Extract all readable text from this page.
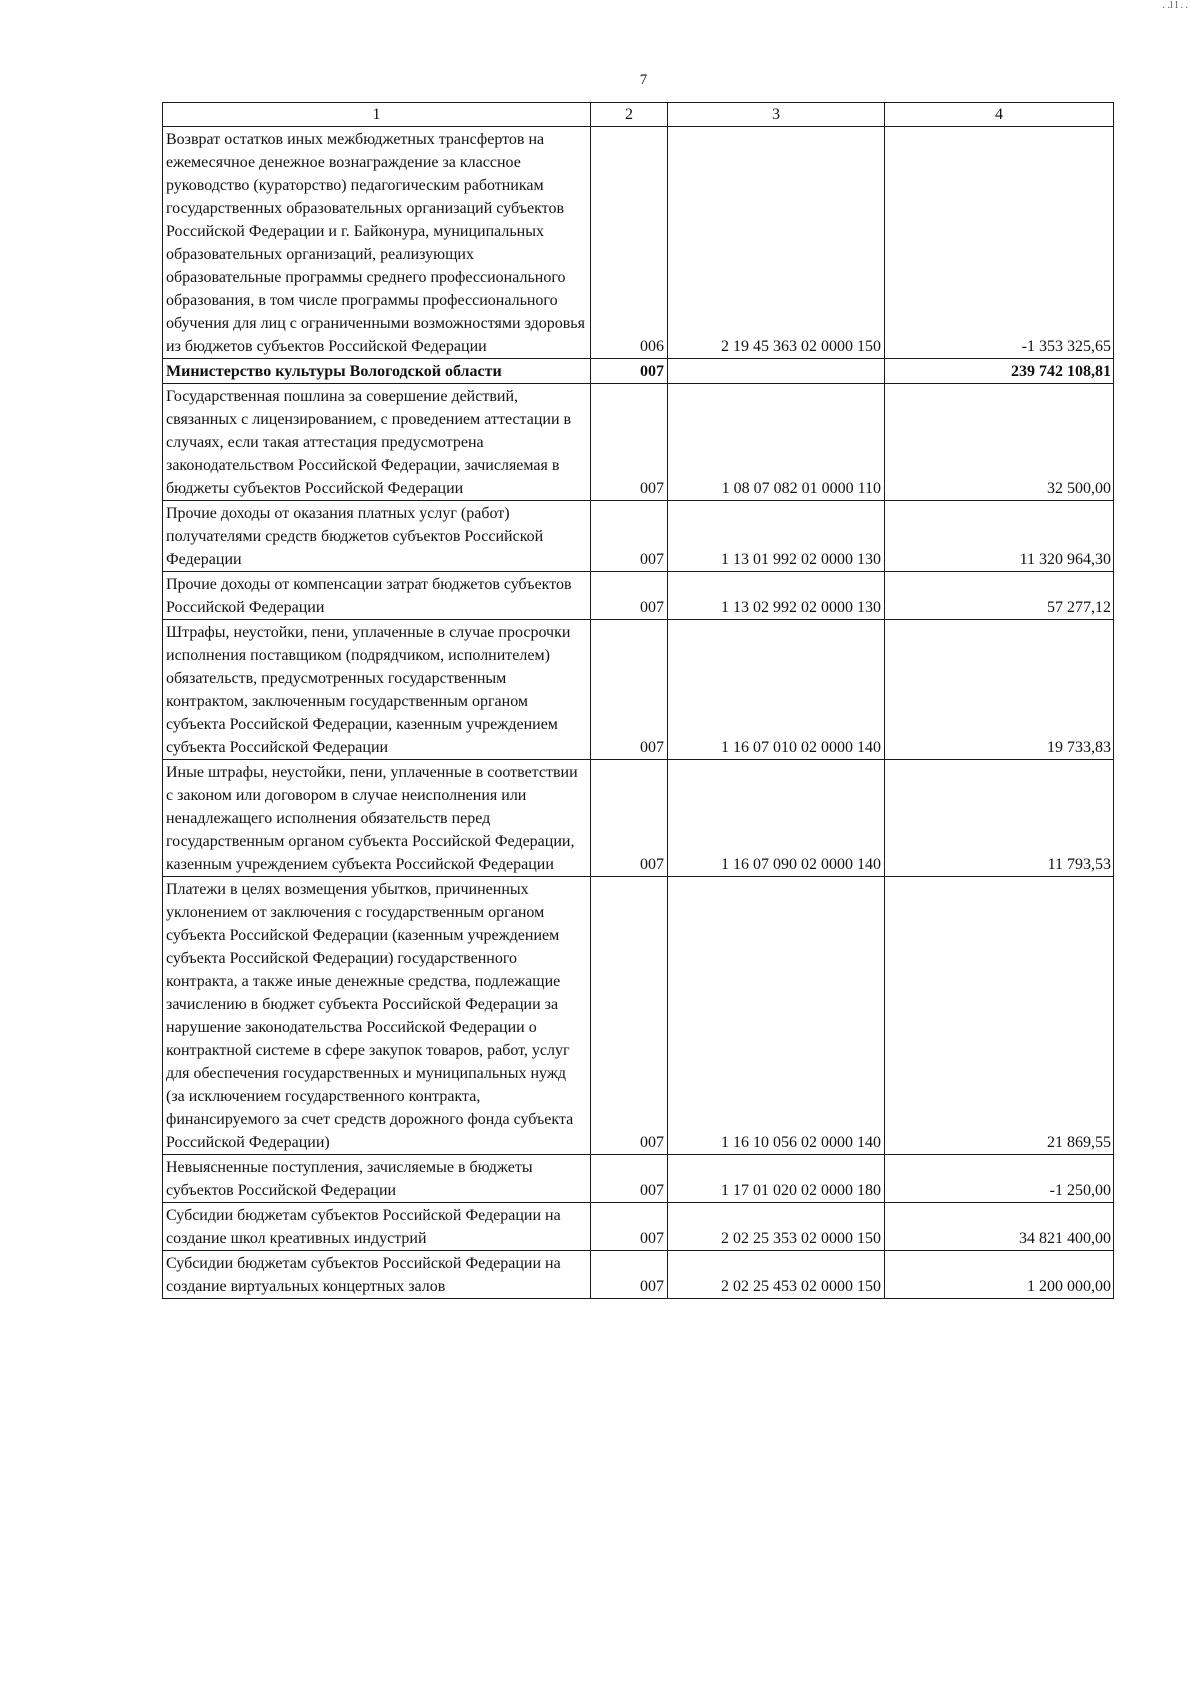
. .l l . .
7
1	2	3	4
Возврат остатков иных межбюджетных трансфертов на ежемесячное денежное вознаграждение за классное руководство (кураторство) педагогическим работникам государственных образовательных организаций субъектов Российской Федерации и г. Байконура, муниципальных образовательных организаций, реализующих образовательные программы среднего профессионального образования, в том числе программы профессионального обучения для лиц с ограниченными возможностями здоровья из бюджетов субъектов Российской Федерации	006	2 19 45 363 02 0000 150	-1 353 325,65
Министерство культуры Вологодской области	007		239 742 108,81
Государственная пошлина за совершение действий, связанных с лицензированием, с проведением аттестации в случаях, если такая аттестация предусмотрена законодательством Российской Федерации, зачисляемая в бюджеты субъектов Российской Федерации	007	1 08 07 082 01 0000 110	32 500,00
Прочие доходы от оказания платных услуг (работ) получателями средств бюджетов субъектов Российской Федерации	007	1 13 01 992 02 0000 130	11 320 964,30
Прочие доходы от компенсации затрат бюджетов субъектов Российской Федерации	007	1 13 02 992 02 0000 130	57 277,12
Штрафы, неустойки, пени, уплаченные в случае просрочки исполнения поставщиком (подрядчиком, исполнителем) обязательств, предусмотренных государственным контрактом, заключенным государственным органом субъекта Российской Федерации, казенным учреждением субъекта Российской Федерации	007	1 16 07 010 02 0000 140	19 733,83
Иные штрафы, неустойки, пени, уплаченные в соответствии с законом или договором в случае неисполнения или ненадлежащего исполнения обязательств перед государственным органом субъекта Российской Федерации, казенным учреждением субъекта Российской Федерации	007	1 16 07 090 02 0000 140	11 793,53
Платежи в целях возмещения убытков, причиненных уклонением от заключения с государственным органом субъекта Российской Федерации (казенным учреждением субъекта Российской Федерации) государственного контракта, а также иные денежные средства, подлежащие зачислению в бюджет субъекта Российской Федерации за нарушение законодательства Российской Федерации о контрактной системе в сфере закупок товаров, работ, услуг для обеспечения государственных и муниципальных нужд (за исключением государственного контракта, финансируемого за счет средств дорожного фонда субъекта Российской Федерации)	007	1 16 10 056 02 0000 140	21 869,55
Невыясненные поступления, зачисляемые в бюджеты субъектов Российской Федерации	007	1 17 01 020 02 0000 180	-1 250,00
Субсидии бюджетам субъектов Российской Федерации на создание школ креативных индустрий	007	2 02 25 353 02 0000 150	34 821 400,00
Субсидии бюджетам субъектов Российской Федерации на создание виртуальных концертных залов	007	2 02 25 453 02 0000 150	1 200 000,00
